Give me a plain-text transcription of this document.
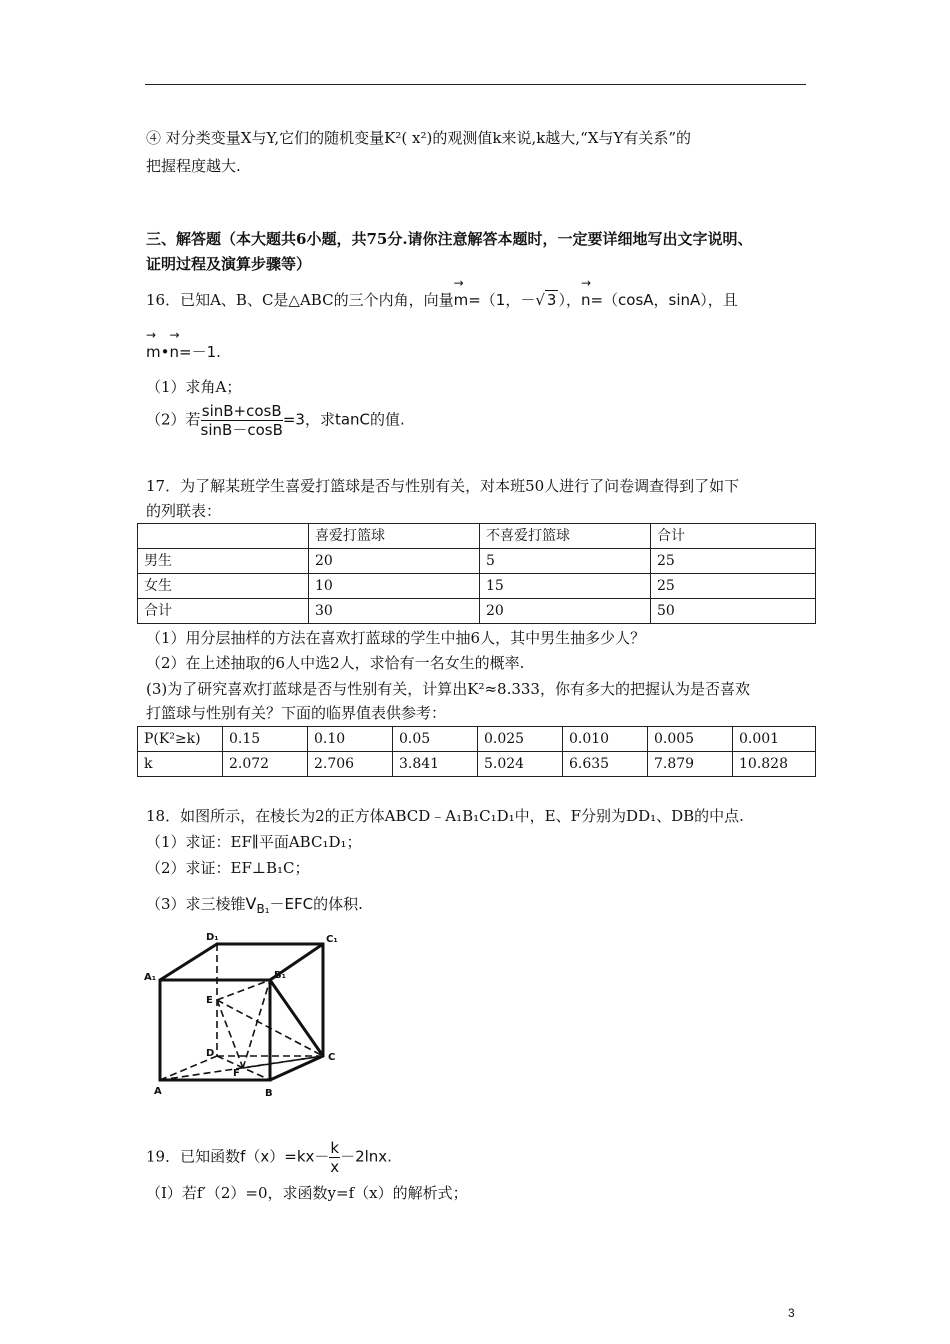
④ 对分类变量X与Y,它们的随机变量K²( x²)的观测值k来说,k越大,“X与Y有关系”的
把握程度越大.
三、解答题（本大题共6小题，共75分.请你注意解答本题时，一定要详细地写出文字说明、
证明过程及演算步骤等）
16．已知A、B、C是△ABC的三个内角，向量→ m=（1，－√ 3 ），→ n=（cosA，sinA），且
→ m•→ n=－1.
（1）求角A；
（2）若 $\frac{\sin B+\cos B}{\sin B-\cos B} =3$，求tanC的值.
17．为了解某班学生喜爱打篮球是否与性别有关，对本班50人进行了问卷调查得到了如下
的列联表：
	喜爱打篮球	不喜爱打篮球	合计
男生	20	5	25
女生	10	15	25
合计	30	20	50
（1）用分层抽样的方法在喜欢打蓝球的学生中抽6人，其中男生抽多少人？
（2）在上述抽取的6人中选2人，求恰有一名女生的概率.
(3)为了研究喜欢打蓝球是否与性别有关，计算出K²≈8.333，你有多大的把握认为是否喜欢
打篮球与性别有关？下面的临界值表供参考：
P(K²≥k)	0.15	0.10	0.05	0.025	0.010	0.005	0.001
k	2.072	2.706	3.841	5.024	6.635	7.879	10.828
18．如图所示，在棱长为2的正方体ABCD﹣A₁B₁C₁D₁中，E、F分别为DD₁、DB的中点.
（1）求证：EF∥平面ABC₁D₁；
（2）求证：EF⊥B₁C；
（3）求三棱锥$V_{B_1}-EFC$的体积.
D₁	C₁
A₁	B₁
E
D
F
C
A	B
19．已知函数$f(x)=kx- \frac{k}{x} -2\ln x$.
（Ⅰ）若f′（2）=0，求函数y=f（x）的解析式；
3
